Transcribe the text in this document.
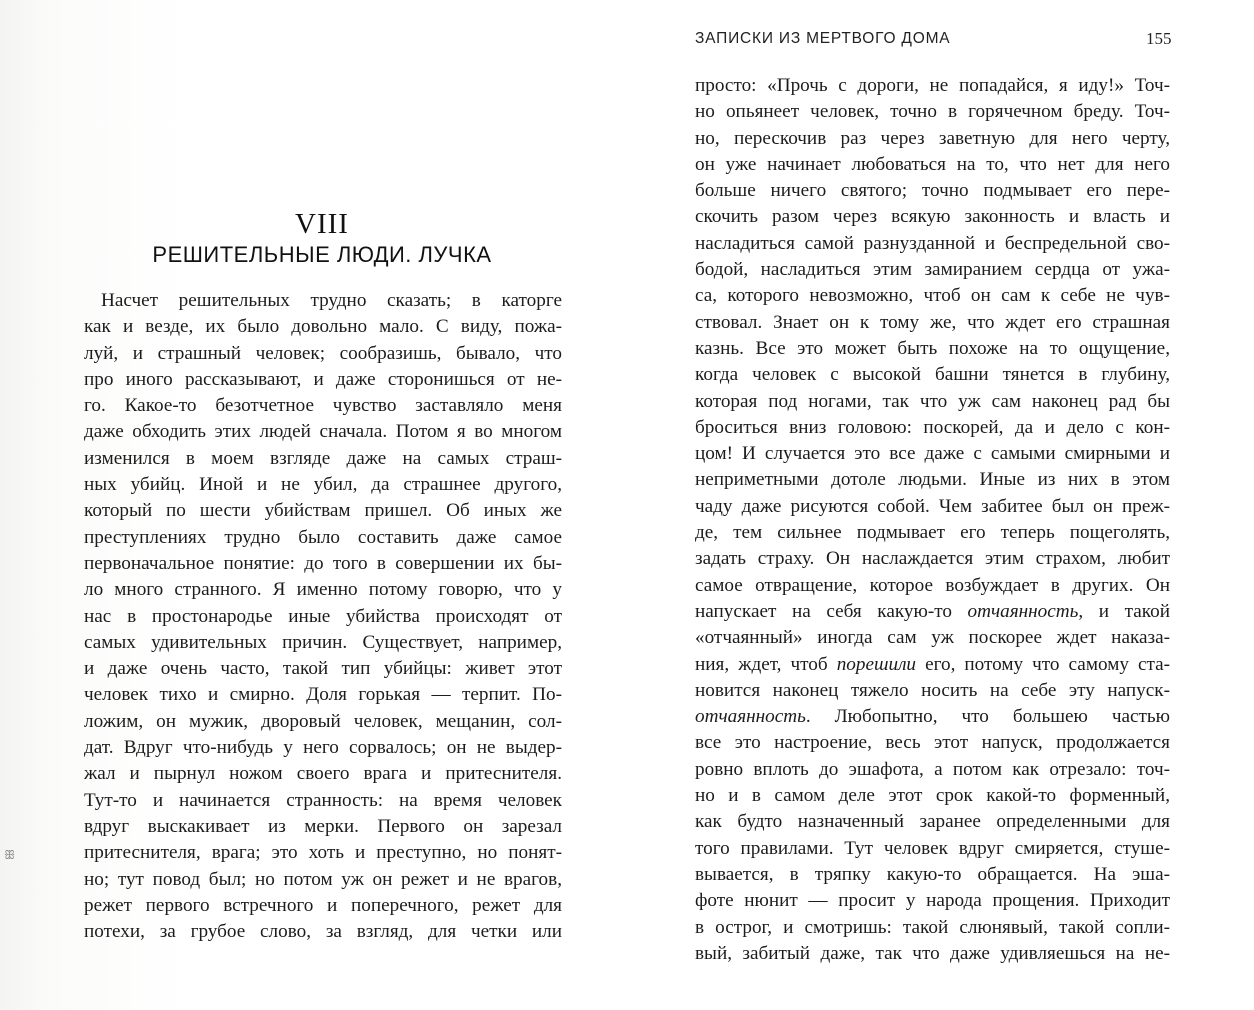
ЗАПИСКИ ИЗ МЕРТВОГО ДОМА	155
VIII
РЕШИТЕЛЬНЫЕ ЛЮДИ. ЛУЧКА
ꕥ
Насчет решительных трудно сказать; в каторге
как и везде, их было довольно мало. С виду, пожа-
луй, и страшный человек; сообразишь, бывало, что
про иного рассказывают, и даже сторонишься от не-
го. Какое-то безотчетное чувство заставляло меня
даже обходить этих людей сначала. Потом я во многом
изменился в моем взгляде даже на самых страш-
ных убийц. Иной и не убил, да страшнее другого,
который по шести убийствам пришел. Об иных же
преступлениях трудно было составить даже самое
первоначальное понятие: до того в совершении их бы-
ло много странного. Я именно потому говорю, что у
нас в простонародье иные убийства происходят от
самых удивительных причин. Существует, например,
и даже очень часто, такой тип убийцы: живет этот
человек тихо и смирно. Доля горькая — терпит. По-
ложим, он мужик, дворовый человек, мещанин, сол-
дат. Вдруг что-нибудь у него сорвалось; он не выдер-
жал и пырнул ножом своего врага и притеснителя.
Тут-то и начинается странность: на время человек
вдруг выскакивает из мерки. Первого он зарезал
притеснителя, врага; это хоть и преступно, но понят-
но; тут повод был; но потом уж он режет и не врагов,
режет первого встречного и поперечного, режет для
потехи, за грубое слово, за взгляд, для четки или
просто: «Прочь с дороги, не попадайся, я иду!» Точ-
но опьянеет человек, точно в горячечном бреду. Точ-
но, перескочив раз через заветную для него черту,
он уже начинает любоваться на то, что нет для него
больше ничего святого; точно подмывает его пере-
скочить разом через всякую законность и власть и
насладиться самой разнузданной и беспредельной сво-
бодой, насладиться этим замиранием сердца от ужа-
са, которого невозможно, чтоб он сам к себе не чув-
ствовал. Знает он к тому же, что ждет его страшная
казнь. Все это может быть похоже на то ощущение,
когда человек с высокой башни тянется в глубину,
которая под ногами, так что уж сам наконец рад бы
броситься вниз головою: поскорей, да и дело с кон-
цом! И случается это все даже с самыми смирными и
неприметными дотоле людьми. Иные из них в этом
чаду даже рисуются собой. Чем забитее был он преж-
де, тем сильнее подмывает его теперь пощеголять,
задать страху. Он наслаждается этим страхом, любит
самое отвращение, которое возбуждает в других. Он
напускает на себя какую-то отчаянность, и такой
«отчаянный» иногда сам уж поскорее ждет наказа-
ния, ждет, чтоб порешили его, потому что самому ста-
новится наконец тяжело носить на себе эту напуск-
отчаянность. Любопытно, что большею частью
все это настроение, весь этот напуск, продолжается
ровно вплоть до эшафота, а потом как отрезало: точ-
но и в самом деле этот срок какой-то форменный,
как будто назначенный заранее определенными для
того правилами. Тут человек вдруг смиряется, стуше-
вывается, в тряпку какую-то обращается. На эша-
фоте нюнит — просит у народа прощения. Приходит
в острог, и смотришь: такой слюнявый, такой сопли-
вый, забитый даже, так что даже удивляешься на не-
